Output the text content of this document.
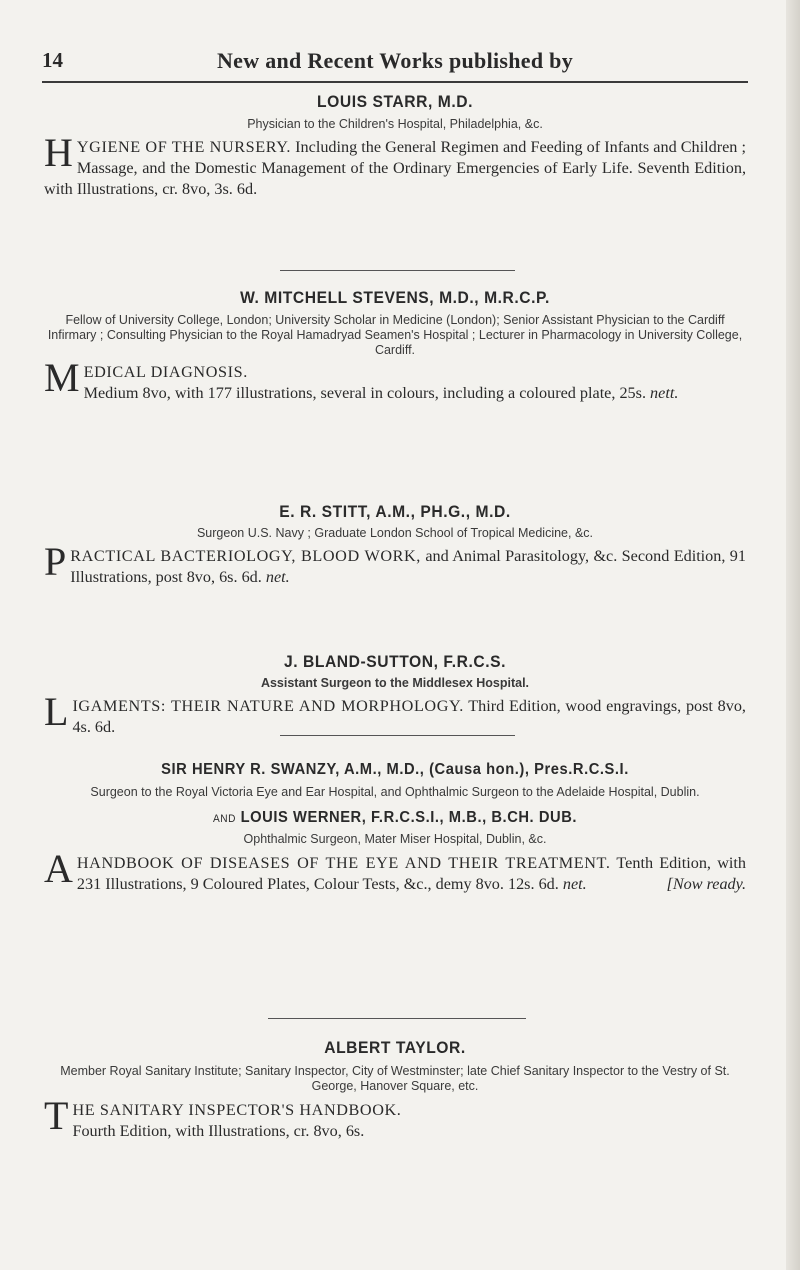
14	New and Recent Works published by
LOUIS STARR, M.D.
Physician to the Children's Hospital, Philadelphia, &c.
HYGIENE OF THE NURSERY. Including the General Regimen and Feeding of Infants and Children ; Massage, and the Domestic Management of the Ordinary Emergencies of Early Life. Seventh Edition, with Illustrations, cr. 8vo, 3s. 6d.
W. MITCHELL STEVENS, M.D., M.R.C.P.
Fellow of University College, London; University Scholar in Medicine (London); Senior Assistant Physician to the Cardiff Infirmary ; Consulting Physician to the Royal Hamadryad Seamen's Hospital ; Lecturer in Pharmacology in University College, Cardiff.
MEDICAL DIAGNOSIS.
Medium 8vo, with 177 illustrations, several in colours, including a coloured plate, 25s. nett.
E. R. STITT, A.M., PH.G., M.D.
Surgeon U.S. Navy ; Graduate London School of Tropical Medicine, &c.
PRACTICAL BACTERIOLOGY, BLOOD WORK, and Animal Parasitology, &c. Second Edition, 91 Illustrations, post 8vo, 6s. 6d. net.
J. BLAND-SUTTON, F.R.C.S.
Assistant Surgeon to the Middlesex Hospital.
LIGAMENTS: THEIR NATURE AND MORPHOLOGY. Third Edition, wood engravings, post 8vo, 4s. 6d.
SIR HENRY R. SWANZY, A.M., M.D., (Causa hon.), Pres.R.C.S.I.
Surgeon to the Royal Victoria Eye and Ear Hospital, and Ophthalmic Surgeon to the Adelaide Hospital, Dublin.
and LOUIS WERNER, F.R.C.S.I., M.B., B.CH. DUB.
Ophthalmic Surgeon, Mater Miser Hospital, Dublin, &c.
A HANDBOOK OF DISEASES OF THE EYE AND THEIR TREATMENT. Tenth Edition, with 231 Illustrations, 9 Coloured Plates, Colour Tests, &c., demy 8vo. 12s. 6d. net.	[Now ready.
ALBERT TAYLOR.
Member Royal Sanitary Institute; Sanitary Inspector, City of Westminster; late Chief Sanitary Inspector to the Vestry of St. George, Hanover Square, etc.
THE SANITARY INSPECTOR'S HANDBOOK.
Fourth Edition, with Illustrations, cr. 8vo, 6s.
